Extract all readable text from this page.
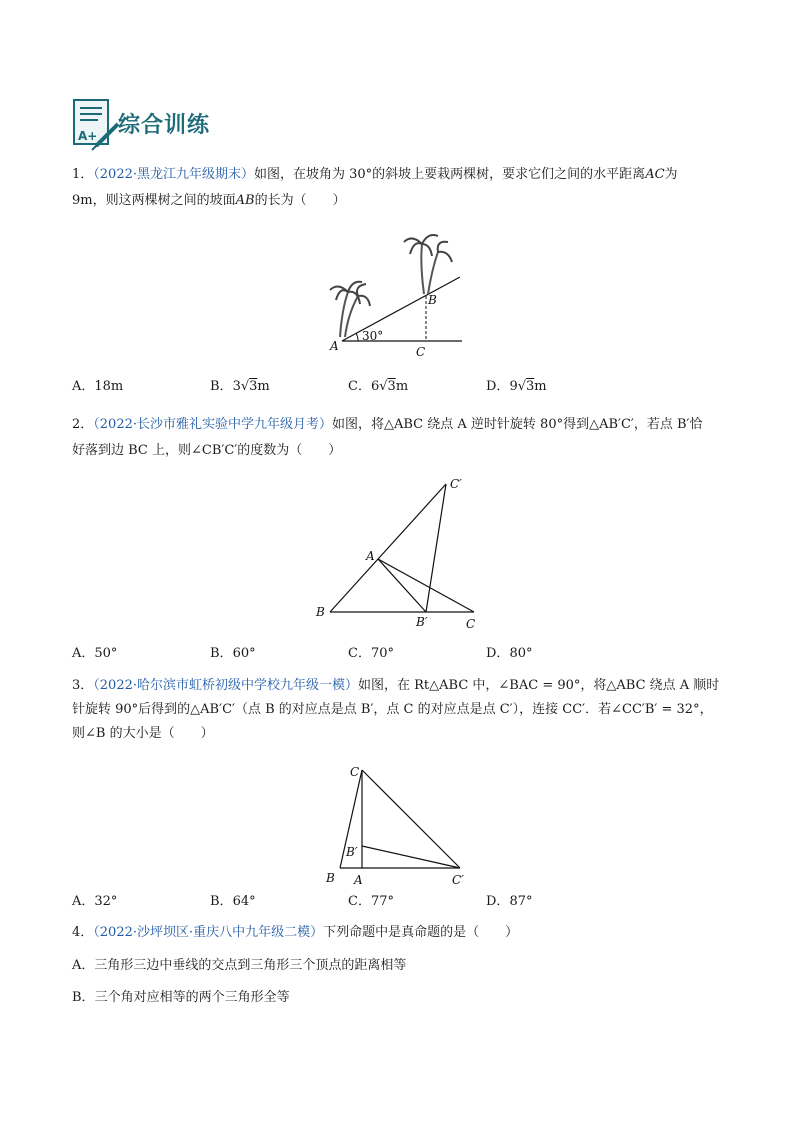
A+ 综合训练
1．（2022·黑龙江九年级期末）如图，在坡角为 30°的斜坡上要栽两棵树，要求它们之间的水平距离AC为
9m，则这两棵树之间的坡面AB的长为（　　）
A
B
C
30°
A．18m	B．3√3m	C．6√3m	D．9√3m
2．（2022·长沙市雅礼实验中学九年级月考）如图，将△ABC 绕点 A 逆时针旋转 80°得到△AB′C′，若点 B′恰
好落到边 BC 上，则∠CB′C′的度数为（　　）
A
B
C
B′
C′
A．50°	B．60°	C．70°	D．80°
3．（2022·哈尔滨市虹桥初级中学校九年级一模）如图，在 Rt△ABC 中，∠BAC = 90°，将△ABC 绕点 A 顺时
针旋转 90°后得到的△AB′C′（点 B 的对应点是点 B′，点 C 的对应点是点 C′），连接 CC′．若∠CC′B′ = 32°，
则∠B 的大小是（　　）
C
B′
B A	C′
A．32°	B．64°	C．77°	D．87°
4．（2022·沙坪坝区·重庆八中九年级二模）下列命题中是真命题的是（　　）
A．三角形三边中垂线的交点到三角形三个顶点的距离相等
B．三个角对应相等的两个三角形全等
